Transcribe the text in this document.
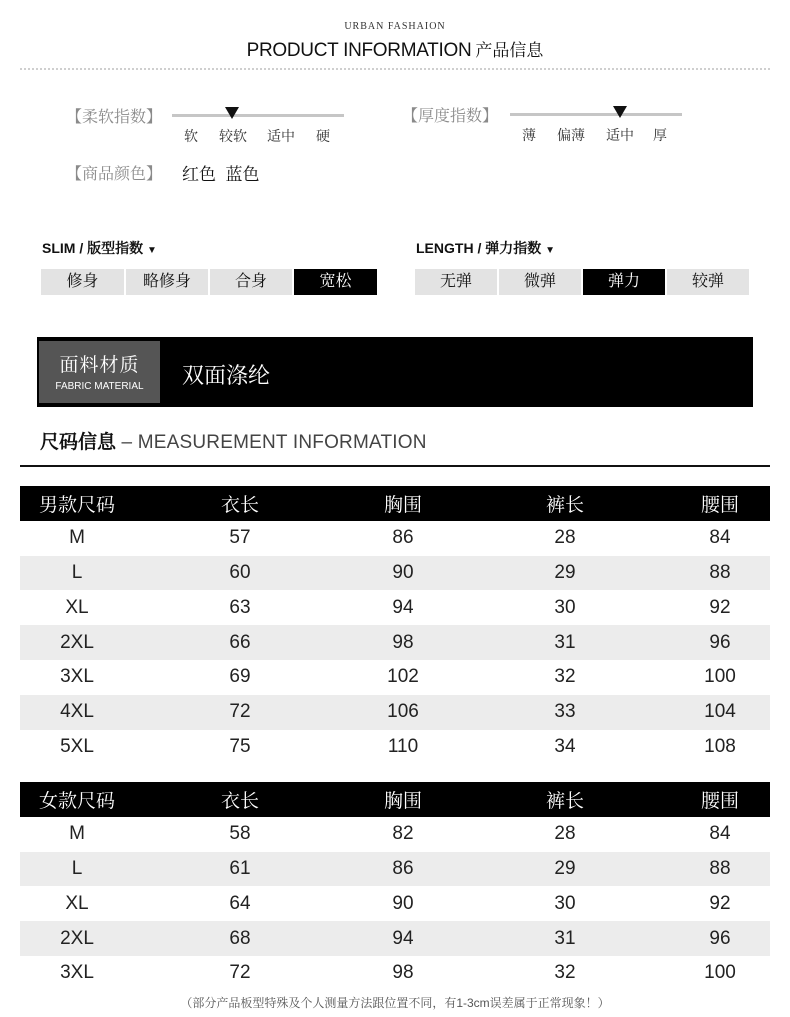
URBAN FASHAION
PRODUCT INFORMATION 产品信息
【柔软指数】
软 较软 适中 硬
【厚度指数】
薄 偏薄 适中 厚
【商品颜色】 红色  蓝色
SLIM / 版型指数 ▼
修身	略修身	合身	宽松
LENGTH / 弹力指数 ▼
无弹	微弹	弹力	较弹
面料材质
FABRIC MATERIAL	双面涤纶
尺码信息 – MEASUREMENT INFORMATION
男款尺码	衣长	胸围	裤长	腰围
M	57	86	28	84
L	60	90	29	88
XL	63	94	30	92
2XL	66	98	31	96
3XL	69	102	32	100
4XL	72	106	33	104
5XL	75	110	34	108
女款尺码	衣长	胸围	裤长	腰围
M	58	82	28	84
L	61	86	29	88
XL	64	90	30	92
2XL	68	94	31	96
3XL	72	98	32	100
（部分产品板型特殊及个人测量方法跟位置不同，有1-3cm误差属于正常现象！）
